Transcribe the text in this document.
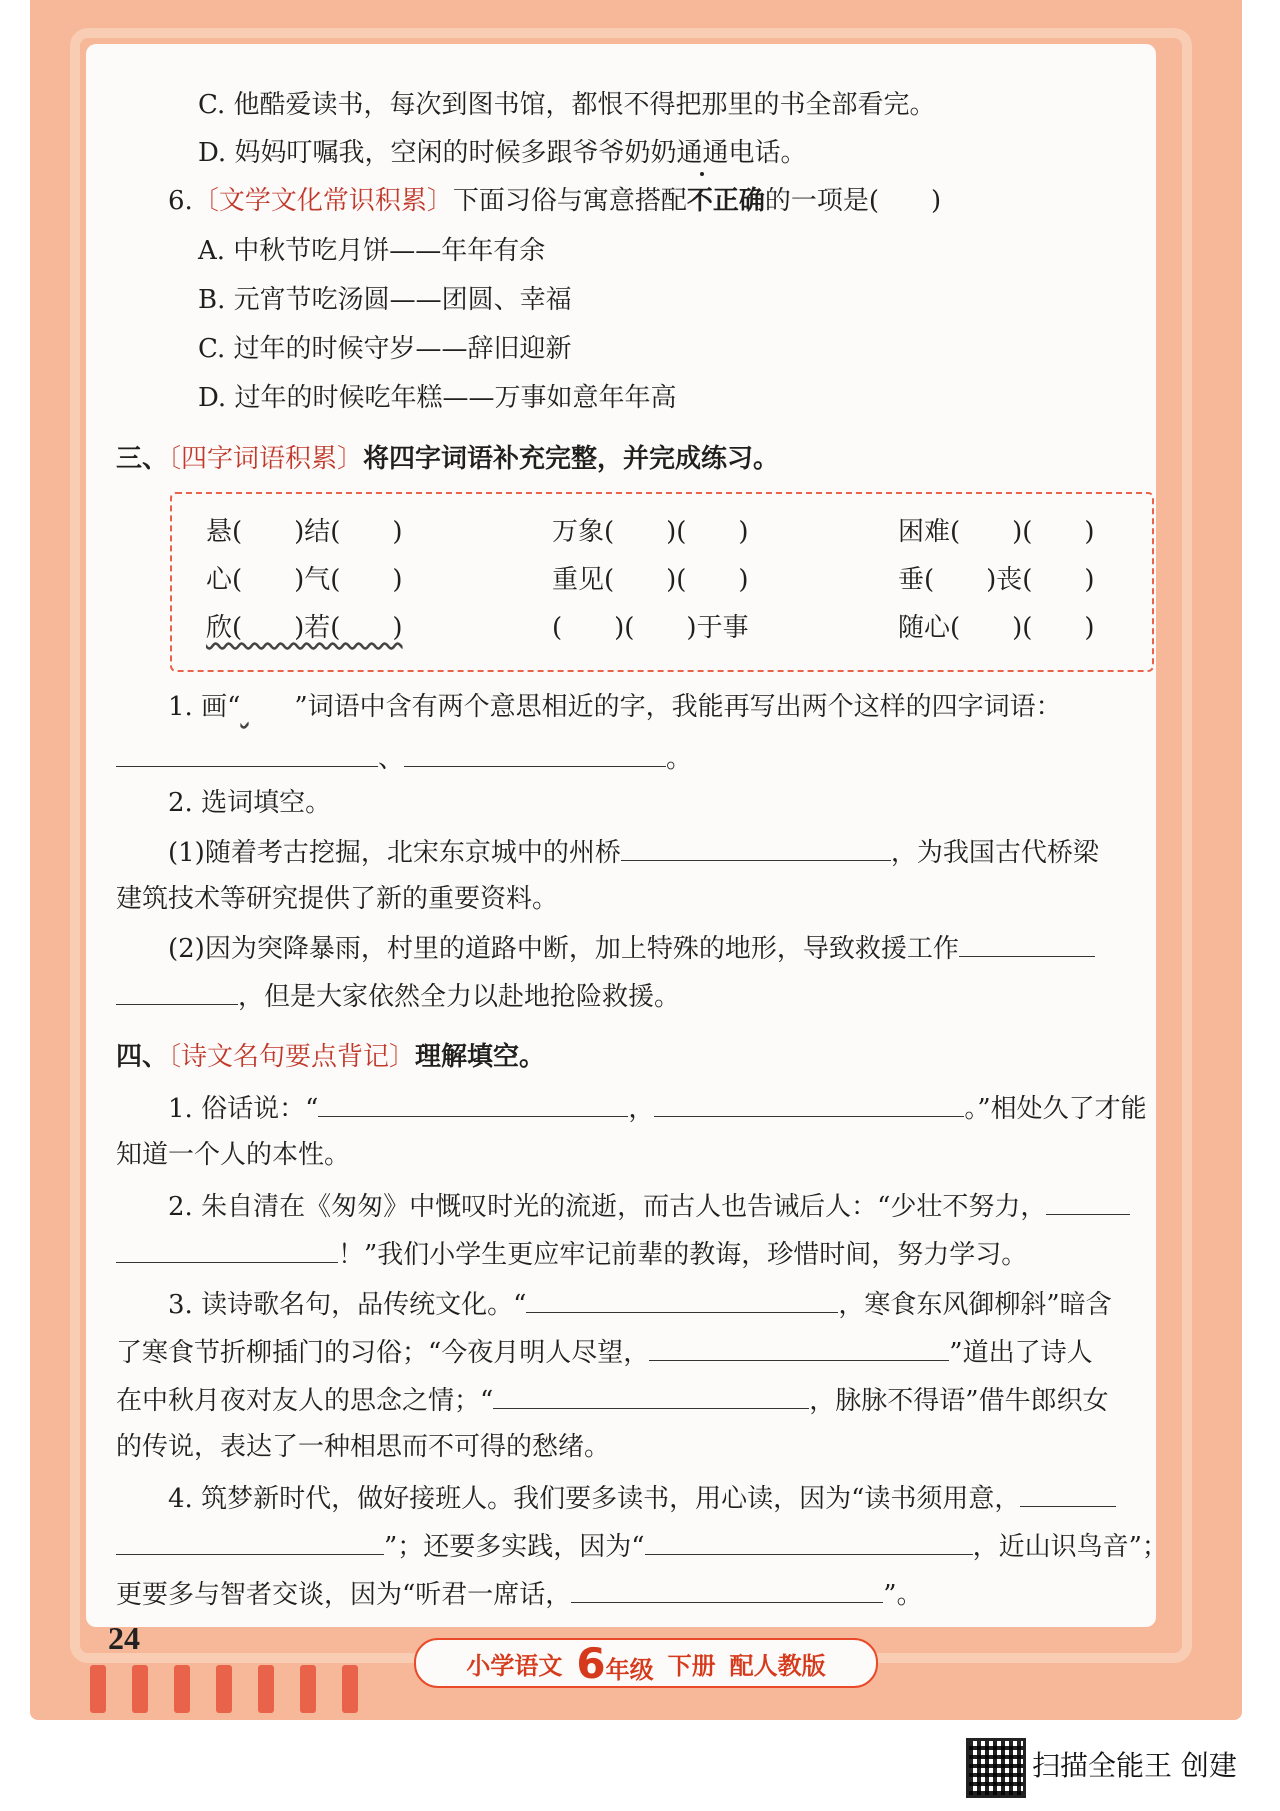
C. 他酷爱读书，每次到图书馆，都恨不得把那里的书全部看完。
D. 妈妈叮嘱我，空闲的时候多跟爷爷奶奶通通电话。
6.〔文学文化常识积累〕下面习俗与寓意搭配不正确的一项是(　　)
A. 中秋节吃月饼——年年有余
B. 元宵节吃汤圆——团圆、幸福
C. 过年的时候守岁——辞旧迎新
D. 过年的时候吃年糕——万事如意年年高
三、〔四字词语积累〕将四字词语补充完整，并完成练习。
悬(　　)结(　　)	万象(　　)(　　)	困难(　　)(　　)
心(　　)气(　　)	重见(　　)(　　)	垂(　　)丧(　　)
欣(　　)若(　　)	(　　)(　　)于事	随心(　　)(　　)
1. 画“ ”词语中含有两个意思相近的字，我能再写出两个这样的四字词语：
、	。
2. 选词填空。
(1)随着考古挖掘，北宋东京城中的州桥	，为我国古代桥梁
建筑技术等研究提供了新的重要资料。
(2)因为突降暴雨，村里的道路中断，加上特殊的地形，导致救援工作
，但是大家依然全力以赴地抢险救援。
四、〔诗文名句要点背记〕理解填空。
1. 俗话说：“	，	。”相处久了才能
知道一个人的本性。
2. 朱自清在《匆匆》中慨叹时光的流逝，而古人也告诫后人：“少壮不努力，
！”我们小学生更应牢记前辈的教诲，珍惜时间，努力学习。
3. 读诗歌名句，品传统文化。“	，寒食东风御柳斜”暗含
了寒食节折柳插门的习俗；“今夜月明人尽望，	”道出了诗人
在中秋月夜对友人的思念之情；“	，脉脉不得语”借牛郎织女
的传说，表达了一种相思而不可得的愁绪。
4. 筑梦新时代，做好接班人。我们要多读书，用心读，因为“读书须用意，
”；还要多实践，因为“	，近山识鸟音”；
更要多与智者交谈，因为“听君一席话，	”。
24
小学语文 6年级 下册 配人教版
扫描全能王 创建
